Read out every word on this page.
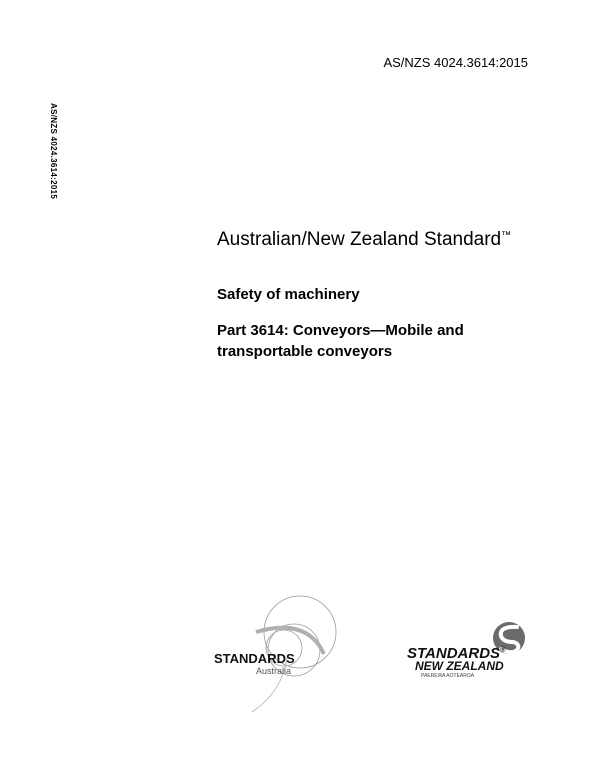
AS/NZS 4024.3614:2015
AS/NZS 4024.3614:2015
Australian/New Zealand Standard™
Safety of machinery
Part 3614: Conveyors—Mobile and
transportable conveyors
STANDARDS
Australia
STANDARDS®
NEW ZEALAND
PAEREWA AOTEAROA
